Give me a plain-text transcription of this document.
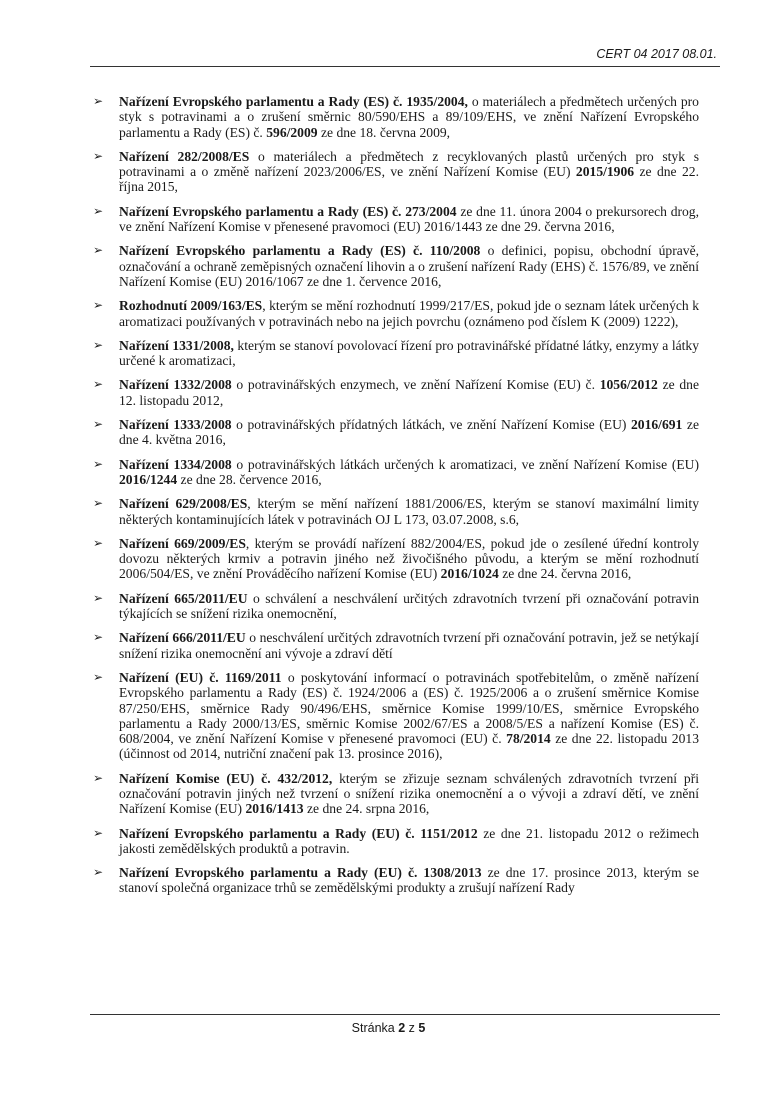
CERT 04 2017 08.01.
➢ Nařízení Evropského parlamentu a Rady (ES) č. 1935/2004, o materiálech a předmětech určených pro styk s potravinami a o zrušení směrnic 80/590/EHS a 89/109/EHS, ve znění Nařízení Evropského parlamentu a Rady (ES) č. 596/2009 ze dne 18. června 2009,
➢ Nařízení 282/2008/ES o materiálech a předmětech z recyklovaných plastů určených pro styk s potravinami a o změně nařízení 2023/2006/ES, ve znění Nařízení Komise (EU) 2015/1906 ze dne 22. října 2015,
➢ Nařízení Evropského parlamentu a Rady (ES) č. 273/2004 ze dne 11. února 2004 o prekursorech drog, ve znění Nařízení Komise v přenesené pravomoci (EU) 2016/1443 ze dne 29. června 2016,
➢ Nařízení Evropského parlamentu a Rady (ES) č. 110/2008 o definici, popisu, obchodní úpravě, označování a ochraně zeměpisných označení lihovin a o zrušení nařízení Rady (EHS) č. 1576/89, ve znění Nařízení Komise (EU) 2016/1067 ze dne 1. července 2016,
➢ Rozhodnutí 2009/163/ES, kterým se mění rozhodnutí 1999/217/ES, pokud jde o seznam látek určených k aromatizaci používaných v potravinách nebo na jejich povrchu (oznámeno pod číslem K (2009) 1222),
➢ Nařízení 1331/2008, kterým se stanoví povolovací řízení pro potravinářské přídatné látky, enzymy a látky určené k aromatizaci,
➢ Nařízení 1332/2008 o potravinářských enzymech, ve znění Nařízení Komise (EU) č. 1056/2012 ze dne 12. listopadu 2012,
➢ Nařízení 1333/2008 o potravinářských přídatných látkách, ve znění Nařízení Komise (EU) 2016/691 ze dne 4. května 2016,
➢ Nařízení 1334/2008 o potravinářských látkách určených k aromatizaci, ve znění Nařízení Komise (EU) 2016/1244 ze dne 28. července 2016,
➢ Nařízení 629/2008/ES, kterým se mění nařízení 1881/2006/ES, kterým se stanoví maximální limity některých kontaminujících látek v potravinách OJ L 173, 03.07.2008, s.6,
➢ Nařízení 669/2009/ES, kterým se provádí nařízení 882/2004/ES, pokud jde o zesílené úřední kontroly dovozu některých krmiv a potravin jiného než živočišného původu, a kterým se mění rozhodnutí 2006/504/ES, ve znění Prováděcího nařízení Komise (EU) 2016/1024 ze dne 24. června 2016,
➢ Nařízení 665/2011/EU o schválení a neschválení určitých zdravotních tvrzení při označování potravin týkajících se snížení rizika onemocnění,
➢ Nařízení 666/2011/EU o neschválení určitých zdravotních tvrzení při označování potravin, jež se netýkají snížení rizika onemocnění ani vývoje a zdraví dětí
➢ Nařízení (EU) č. 1169/2011 o poskytování informací o potravinách spotřebitelům, o změně nařízení Evropského parlamentu a Rady (ES) č. 1924/2006 a (ES) č. 1925/2006 a o zrušení směrnice Komise 87/250/EHS, směrnice Rady 90/496/EHS, směrnice Komise 1999/10/ES, směrnice Evropského parlamentu a Rady 2000/13/ES, směrnic Komise 2002/67/ES a 2008/5/ES a nařízení Komise (ES) č. 608/2004, ve znění Nařízení Komise v přenesené pravomoci (EU) č. 78/2014 ze dne 22. listopadu 2013 (účinnost od 2014, nutriční značení pak 13. prosince 2016),
➢ Nařízení Komise (EU) č. 432/2012, kterým se zřizuje seznam schválených zdravotních tvrzení při označování potravin jiných než tvrzení o snížení rizika onemocnění a o vývoji a zdraví dětí, ve znění Nařízení Komise (EU) 2016/1413 ze dne 24. srpna 2016,
➢ Nařízení Evropského parlamentu a Rady (EU) č. 1151/2012 ze dne 21. listopadu 2012 o režimech jakosti zemědělských produktů a potravin.
➢ Nařízení Evropského parlamentu a Rady (EU) č. 1308/2013 ze dne 17. prosince 2013, kterým se stanoví společná organizace trhů se zemědělskými produkty a zrušují nařízení Rady
Stránka 2 z 5
